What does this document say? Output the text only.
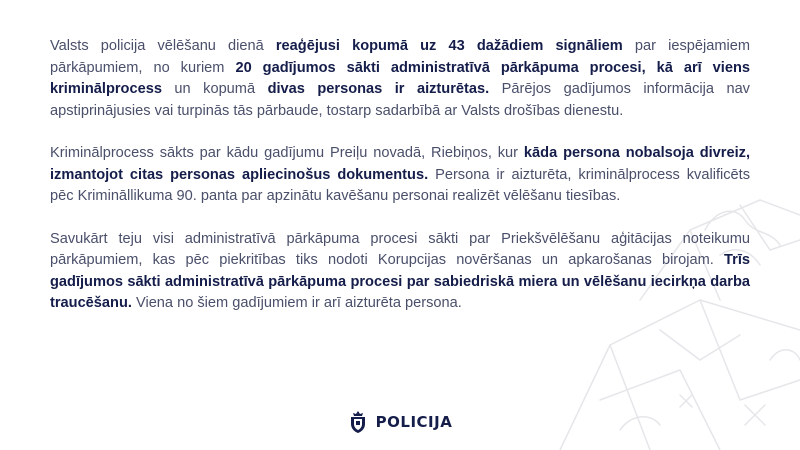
Valsts policija vēlēšanu dienā reaģējusi kopumā uz 43 dažādiem signāliem par iespējamiem pārkāpumiem, no kuriem 20 gadījumos sākti administratīvā pārkāpuma procesi, kā arī viens kriminālprocess un kopumā divas personas ir aizturētas. Pārējos gadījumos informācija nav apstiprinājusies vai turpinās tās pārbaude, tostarp sadarbībā ar Valsts drošības dienestu.

Kriminālprocess sākts par kādu gadījumu Preiļu novadā, Riebiņos, kur kāda persona nobalsoja divreiz, izmantojot citas personas apliecinošus dokumentus. Persona ir aizturēta, kriminālprocess kvalificēts pēc Krimināllikuma 90. panta par apzinātu kavēšanu personai realizēt vēlēšanu tiesības.

Savukārt teju visi administratīvā pārkāpuma procesi sākti par Priekšvēlēšanu aģitācijas noteikumu pārkāpumiem, kas pēc piekritības tiks nodoti Korupcijas novēršanas un apkarošanas birojam. Trīs gadījumos sākti administratīvā pārkāpuma procesi par sabiedriskā miera un vēlēšanu iecirkņa darba traucēšanu. Viena no šiem gadījumiem ir arī aizturēta persona.

POLICIJA
